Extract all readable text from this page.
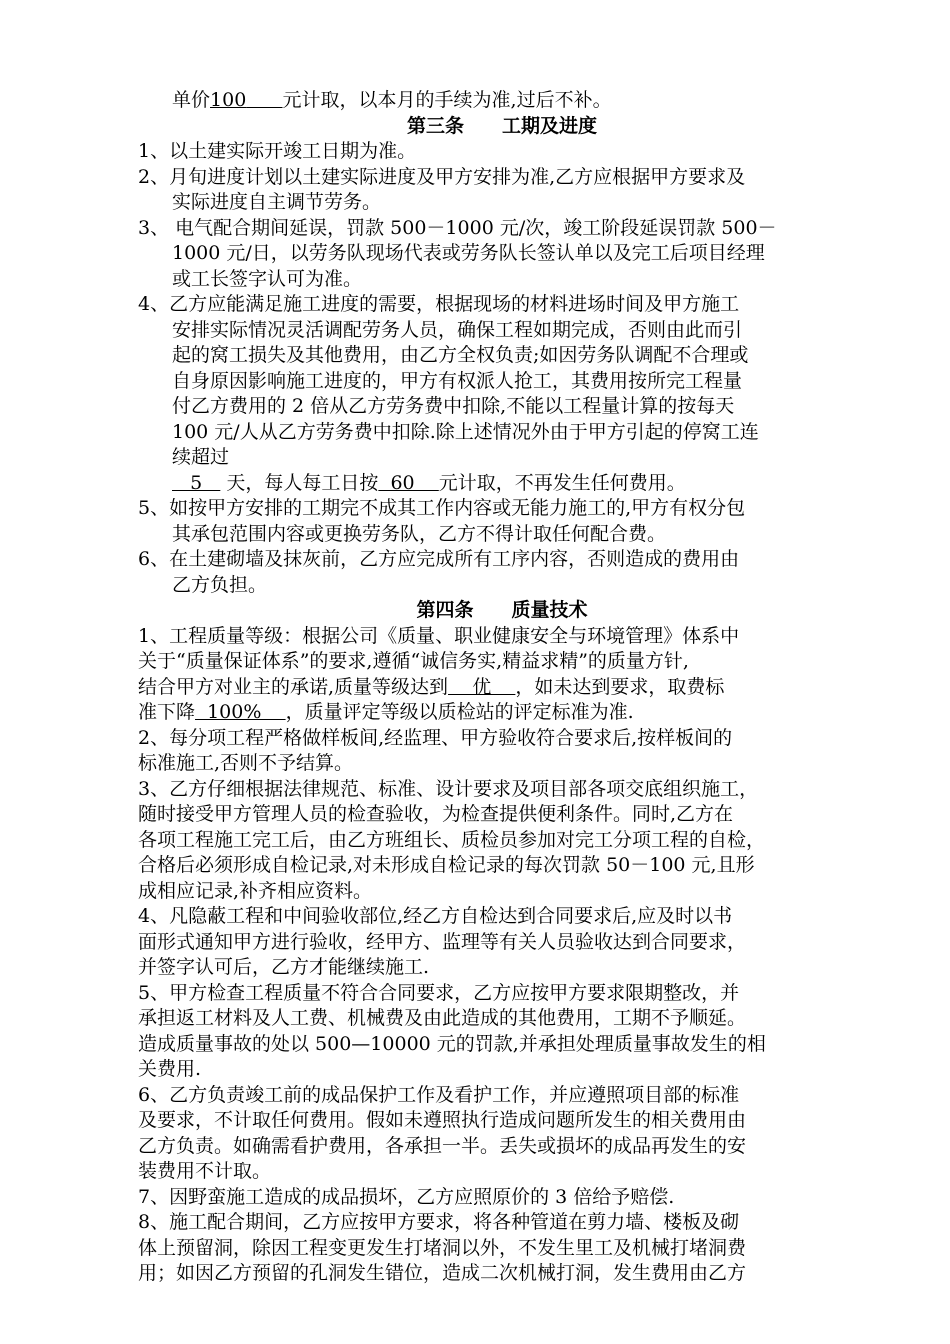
单价100 元计取，以本月的手续为准,过后不补。
第三条 工期及进度
1、以土建实际开竣工日期为准。
2、月旬进度计划以土建实际进度及甲方安排为准,乙方应根据甲方要求及
实际进度自主调节劳务。
3、 电气配合期间延误，罚款 500－1000 元/次，竣工阶段延误罚款 500－
1000 元/日，以劳务队现场代表或劳务队长签认单以及完工后项目经理
或工长签字认可为准。
4、乙方应能满足施工进度的需要，根据现场的材料进场时间及甲方施工
安排实际情况灵活调配劳务人员，确保工程如期完成，否则由此而引
起的窝工损失及其他费用，由乙方全权负责;如因劳务队调配不合理或
自身原因影响施工进度的，甲方有权派人抢工，其费用按所完工程量
付乙方费用的 2 倍从乙方劳务费中扣除,不能以工程量计算的按每天
100 元/人从乙方劳务费中扣除.除上述情况外由于甲方引起的停窝工连
续超过
5    天，每人每工日按  60    元计取，不再发生任何费用。
5、如按甲方安排的工期完不成其工作内容或无能力施工的,甲方有权分包
其承包范围内容或更换劳务队，乙方不得计取任何配合费。
6、在土建砌墙及抹灰前，乙方应完成所有工序内容，否则造成的费用由
乙方负担。
第四条 质量技术
1、工程质量等级：根据公司《质量、职业健康安全与环境管理》体系中
关于“质量保证体系”的要求,遵循“诚信务实,精益求精”的质量方针,
结合甲方对业主的承诺,质量等级达到    优    ，如未达到要求，取费标
准下降  100%    ，质量评定等级以质检站的评定标准为准.
2、每分项工程严格做样板间,经监理、甲方验收符合要求后,按样板间的
标准施工,否则不予结算。
3、乙方仔细根据法律规范、标准、设计要求及项目部各项交底组织施工，
随时接受甲方管理人员的检查验收，为检查提供便利条件。同时,乙方在
各项工程施工完工后，由乙方班组长、质检员参加对完工分项工程的自检，
合格后必须形成自检记录,对未形成自检记录的每次罚款 50－100 元,且形
成相应记录,补齐相应资料。
4、凡隐蔽工程和中间验收部位,经乙方自检达到合同要求后,应及时以书
面形式通知甲方进行验收，经甲方、监理等有关人员验收达到合同要求，
并签字认可后，乙方才能继续施工.
5、甲方检查工程质量不符合合同要求，乙方应按甲方要求限期整改，并
承担返工材料及人工费、机械费及由此造成的其他费用，工期不予顺延。
造成质量事故的处以 500—10000 元的罚款,并承担处理质量事故发生的相
关费用.
6、乙方负责竣工前的成品保护工作及看护工作，并应遵照项目部的标准
及要求，不计取任何费用。假如未遵照执行造成问题所发生的相关费用由
乙方负责。如确需看护费用，各承担一半。丢失或损坏的成品再发生的安
装费用不计取。
7、因野蛮施工造成的成品损坏，乙方应照原价的 3 倍给予赔偿.
8、施工配合期间，乙方应按甲方要求，将各种管道在剪力墙、楼板及砌
体上预留洞，除因工程变更发生打堵洞以外，不发生里工及机械打堵洞费
用；如因乙方预留的孔洞发生错位，造成二次机械打洞，发生费用由乙方
